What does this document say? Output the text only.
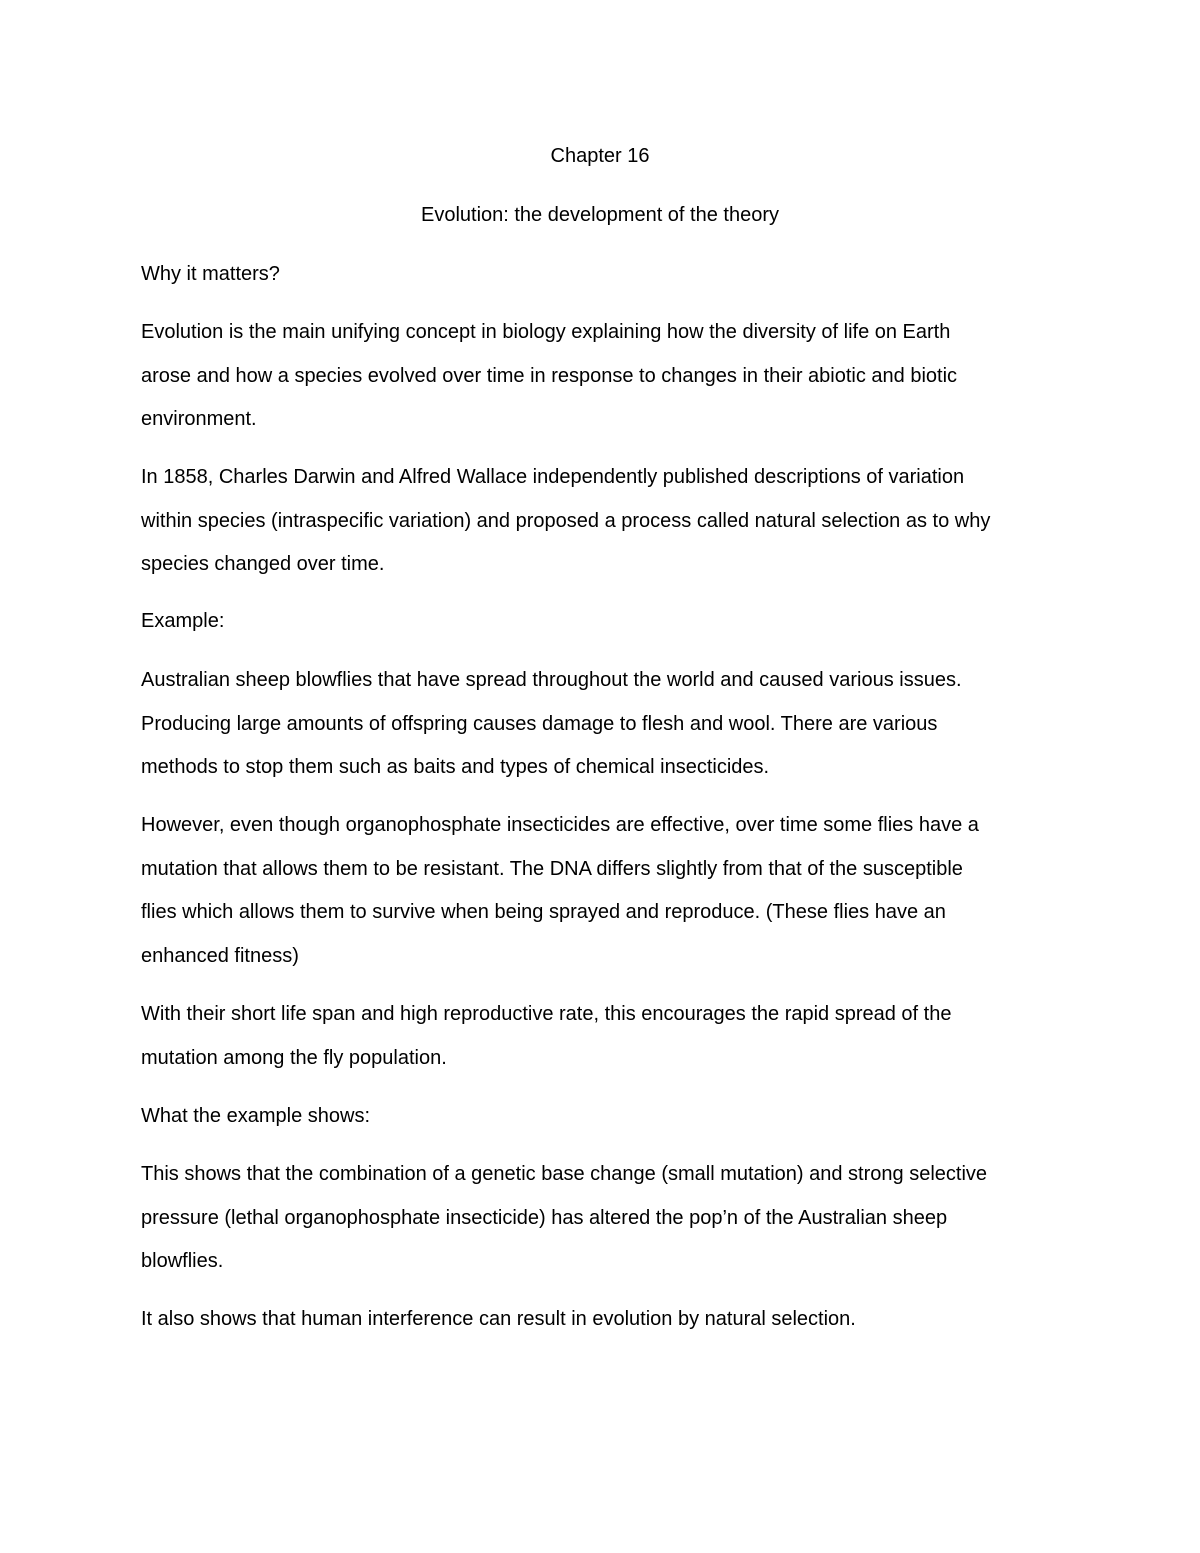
Chapter 16

Evolution: the development of the theory

Why it matters?

Evolution is the main unifying concept in biology explaining how the diversity of life on Earth
arose and how a species evolved over time in response to changes in their abiotic and biotic
environment.

In 1858, Charles Darwin and Alfred Wallace independently published descriptions of variation
within species (intraspecific variation) and proposed a process called natural selection as to why
species changed over time.

Example:

Australian sheep blowflies that have spread throughout the world and caused various issues.
Producing large amounts of offspring causes damage to flesh and wool. There are various
methods to stop them such as baits and types of chemical insecticides.

However, even though organophosphate insecticides are effective, over time some flies have a
mutation that allows them to be resistant. The DNA differs slightly from that of the susceptible
flies which allows them to survive when being sprayed and reproduce. (These flies have an
enhanced fitness)

With their short life span and high reproductive rate, this encourages the rapid spread of the
mutation among the fly population.

What the example shows:

This shows that the combination of a genetic base change (small mutation) and strong selective
pressure (lethal organophosphate insecticide) has altered the pop’n of the Australian sheep
blowflies.

It also shows that human interference can result in evolution by natural selection.
